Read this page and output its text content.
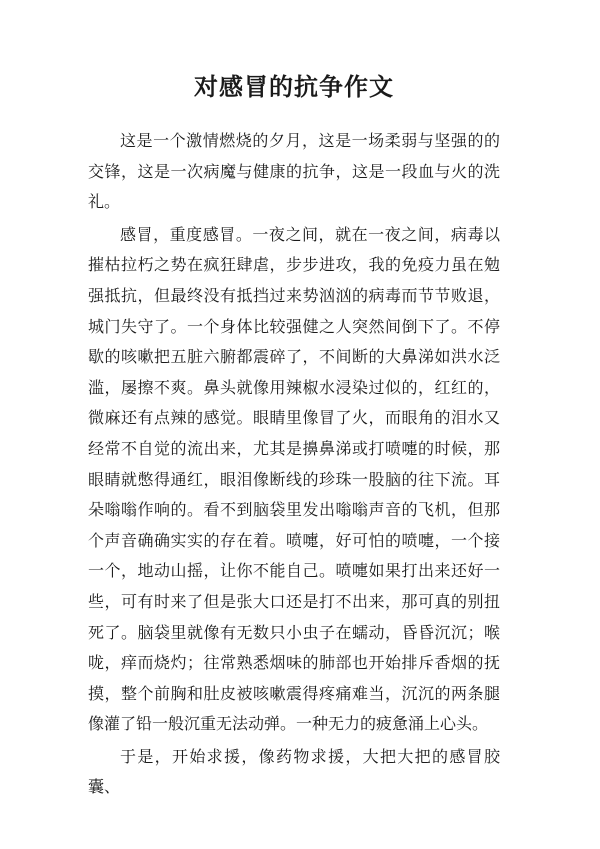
对感冒的抗争作文

这是一个激情燃烧的夕月，这是一场柔弱与坚强的的交锋，这是一次病魔与健康的抗争，这是一段血与火的洗礼。

感冒，重度感冒。一夜之间，就在一夜之间，病毒以摧枯拉朽之势在疯狂肆虐，步步进攻，我的免疫力虽在勉强抵抗，但最终没有抵挡过来势汹汹的病毒而节节败退，城门失守了。一个身体比较强健之人突然间倒下了。不停歇的咳嗽把五脏六腑都震碎了，不间断的大鼻涕如洪水泛滥，屡擦不爽。鼻头就像用辣椒水浸染过似的，红红的，微麻还有点辣的感觉。眼睛里像冒了火，而眼角的泪水又经常不自觉的流出来，尤其是擤鼻涕或打喷嚏的时候，那眼睛就憋得通红，眼泪像断线的珍珠一股脑的往下流。耳朵嗡嗡作响的。看不到脑袋里发出嗡嗡声音的飞机，但那个声音确确实实的存在着。喷嚏，好可怕的喷嚏，一个接一个，地动山摇，让你不能自己。喷嚏如果打出来还好一些，可有时来了但是张大口还是打不出来，那可真的别扭死了。脑袋里就像有无数只小虫子在蠕动，昏昏沉沉；喉咙，痒而烧灼；往常熟悉烟味的肺部也开始排斥香烟的抚摸，整个前胸和肚皮被咳嗽震得疼痛难当，沉沉的两条腿像灌了铅一般沉重无法动弹。一种无力的疲惫涌上心头。

于是，开始求援，像药物求援，大把大把的感冒胶囊、
